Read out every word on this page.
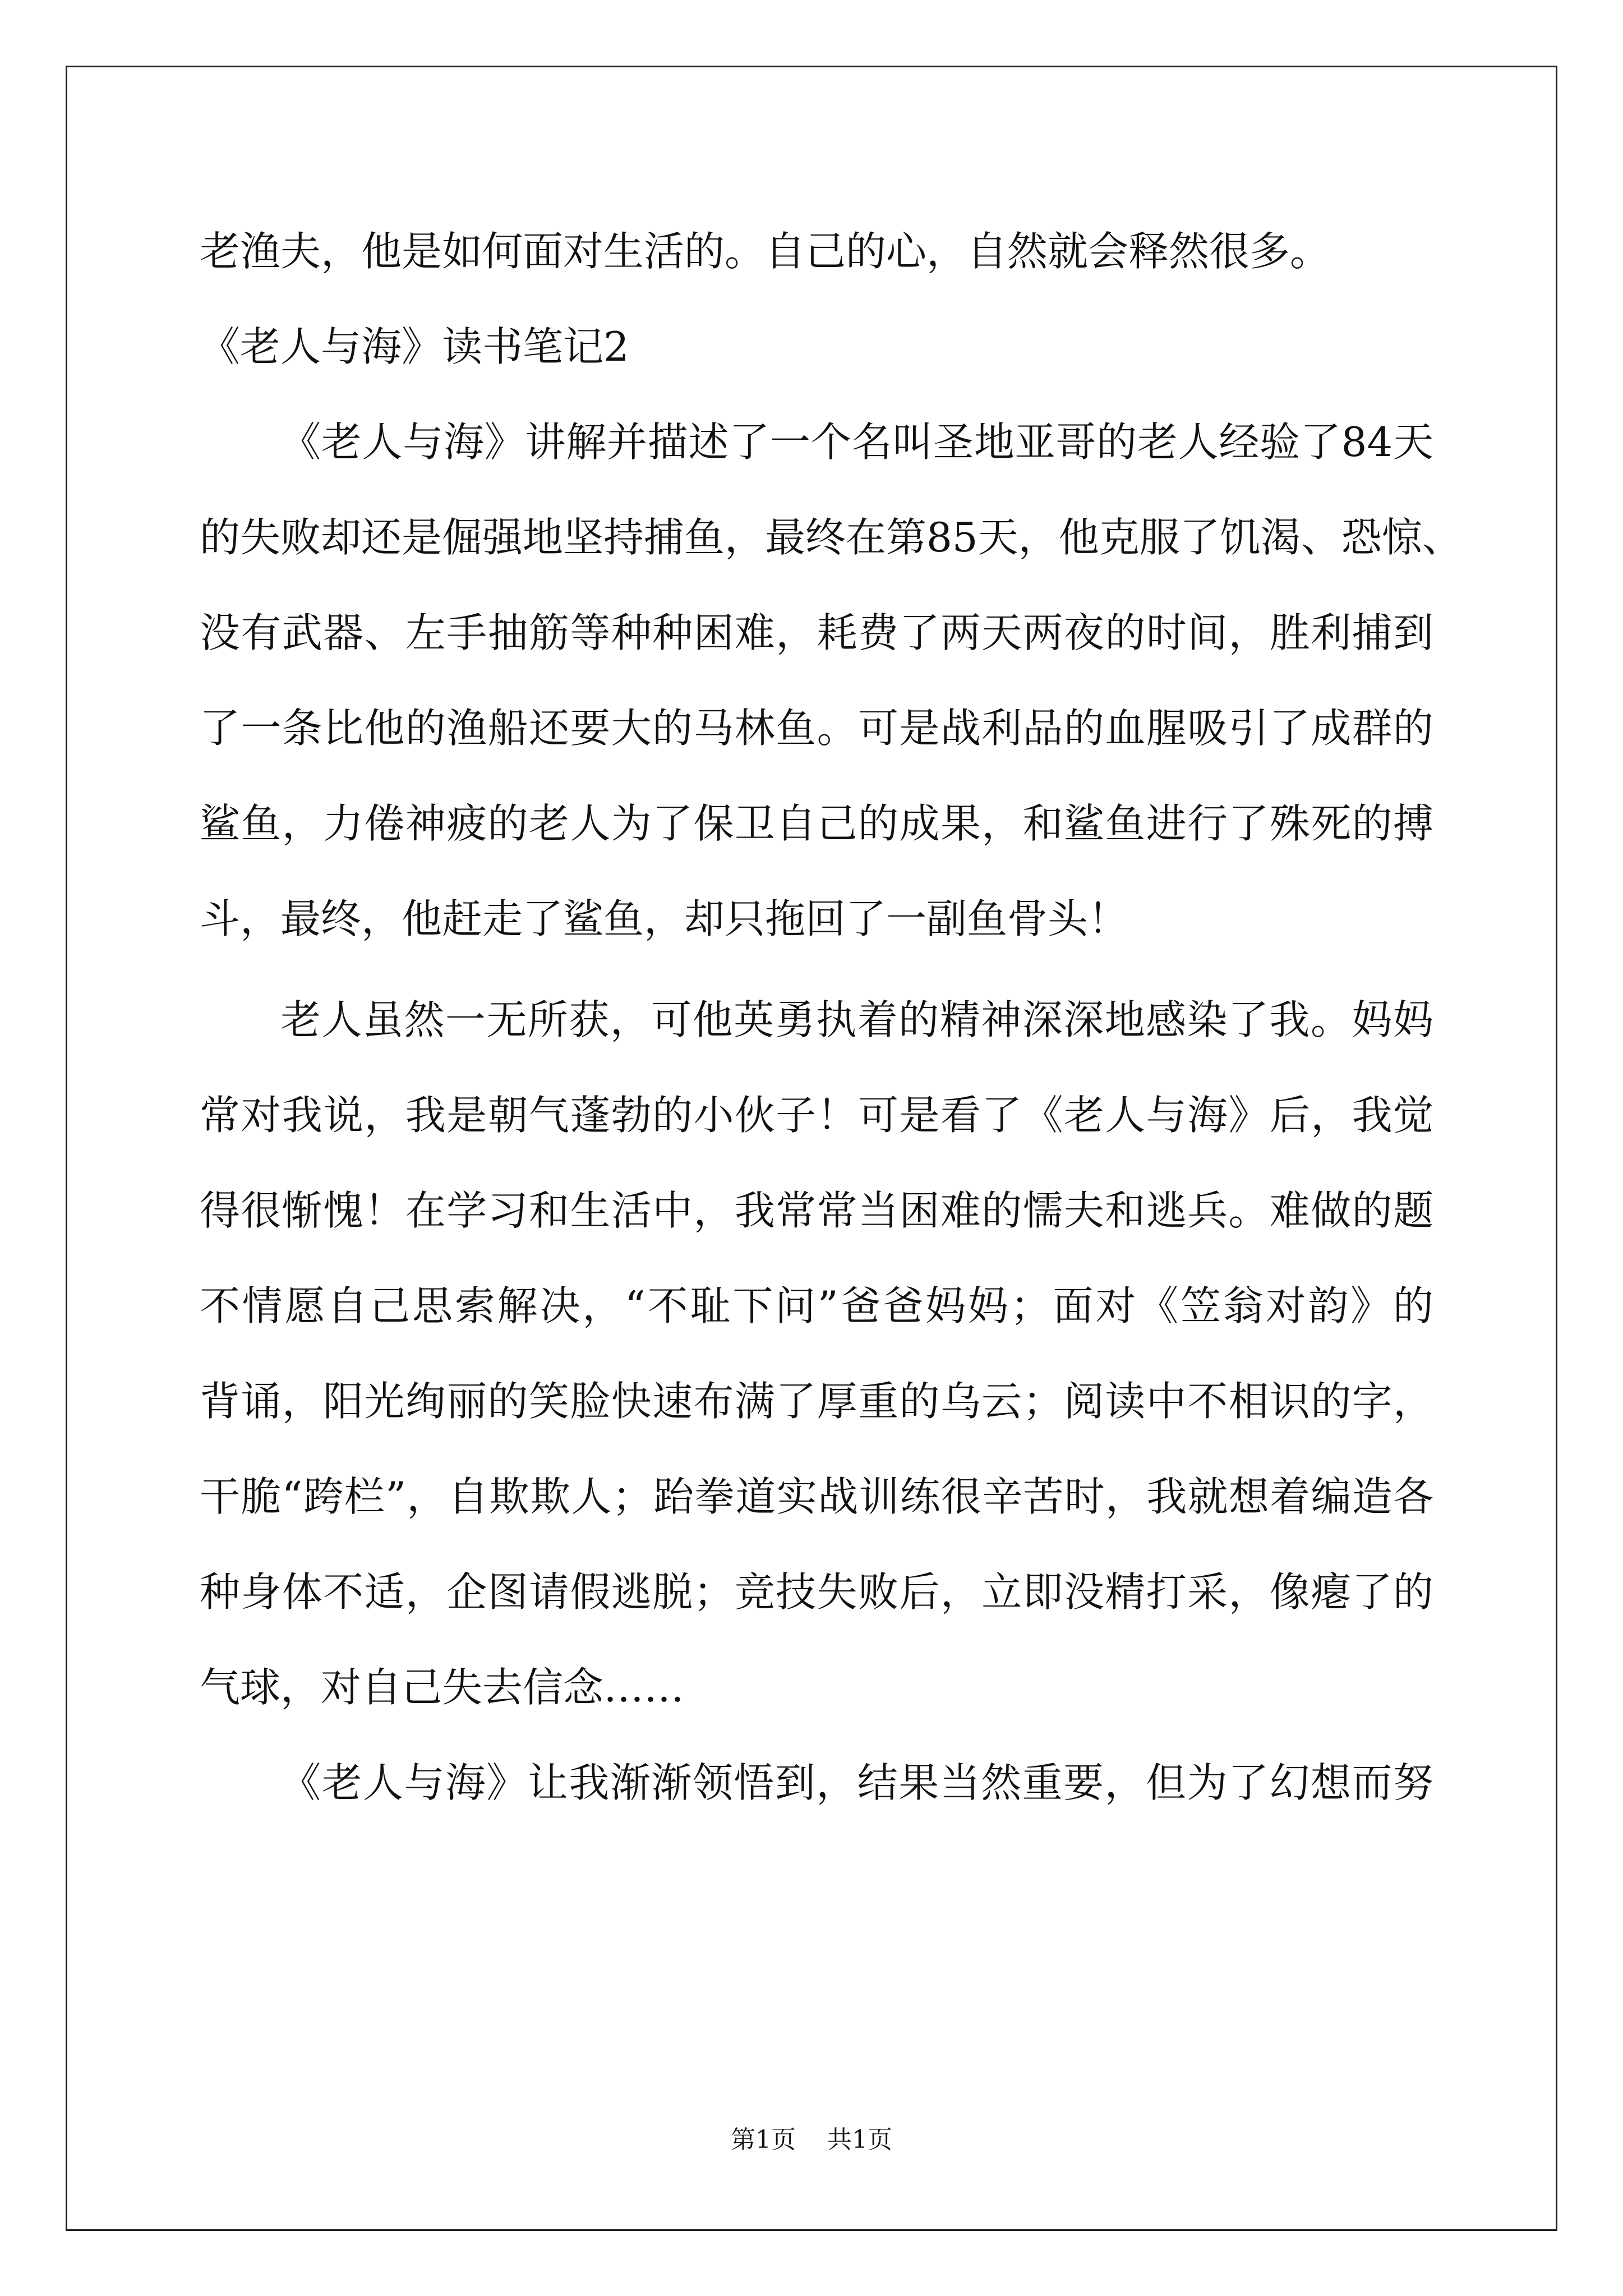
老渔夫，他是如何面对生活的。自己的心，自然就会释然很多。
《老人与海》读书笔记2
《老人与海》讲解并描述了一个名叫圣地亚哥的老人经验了84天
的失败却还是倔强地坚持捕鱼，最终在第85天，他克服了饥渴、恐惊、
没有武器、左手抽筋等种种困难，耗费了两天两夜的时间，胜利捕到
了一条比他的渔船还要大的马林鱼。可是战利品的血腥吸引了成群的
鲨鱼，力倦神疲的老人为了保卫自己的成果，和鲨鱼进行了殊死的搏
斗，最终，他赶走了鲨鱼，却只拖回了一副鱼骨头！
老人虽然一无所获，可他英勇执着的精神深深地感染了我。妈妈
常对我说，我是朝气蓬勃的小伙子！可是看了《老人与海》后，我觉
得很惭愧！在学习和生活中，我常常当困难的懦夫和逃兵。难做的题
不情愿自己思索解决，“不耻下问”爸爸妈妈；面对《笠翁对韵》的
背诵，阳光绚丽的笑脸快速布满了厚重的乌云；阅读中不相识的字，
干脆“跨栏”，自欺欺人；跆拳道实战训练很辛苦时，我就想着编造各
种身体不适，企图请假逃脱；竞技失败后，立即没精打采，像瘪了的
气球，对自己失去信念……
《老人与海》让我渐渐领悟到，结果当然重要，但为了幻想而努
第1页 共1页
